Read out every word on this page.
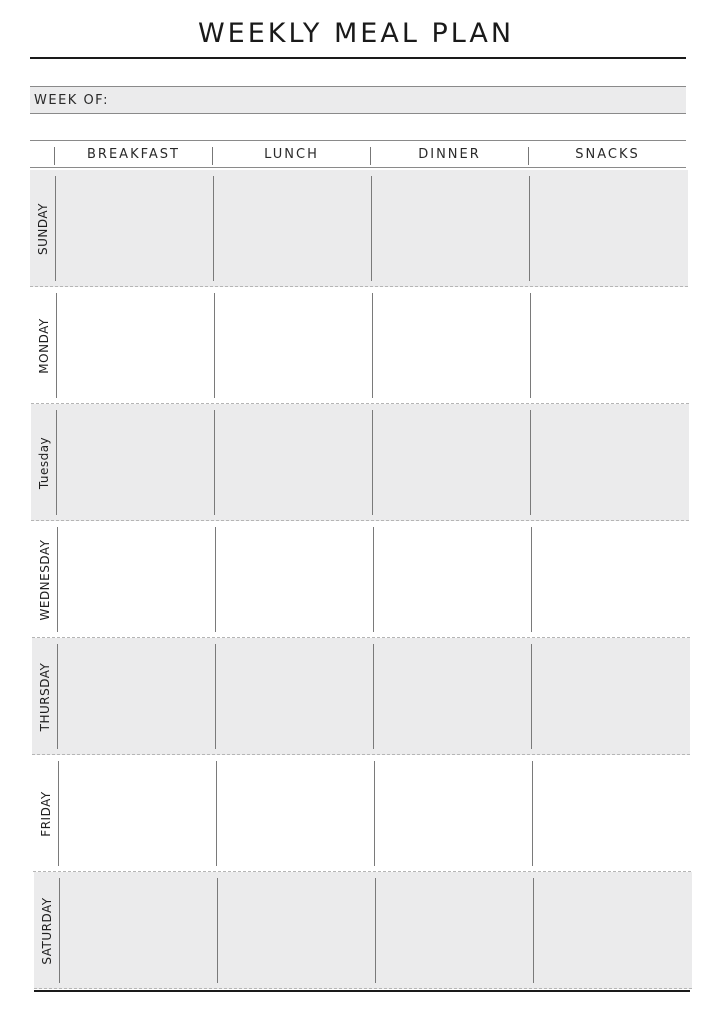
WEEKLY MEAL PLAN
WEEK OF:
BREAKFAST	LUNCH	DINNER	SNACKS
SUNDAY
MONDAY
Tuesday
WEDNESDAY
THURSDAY
FRIDAY
SATURDAY
